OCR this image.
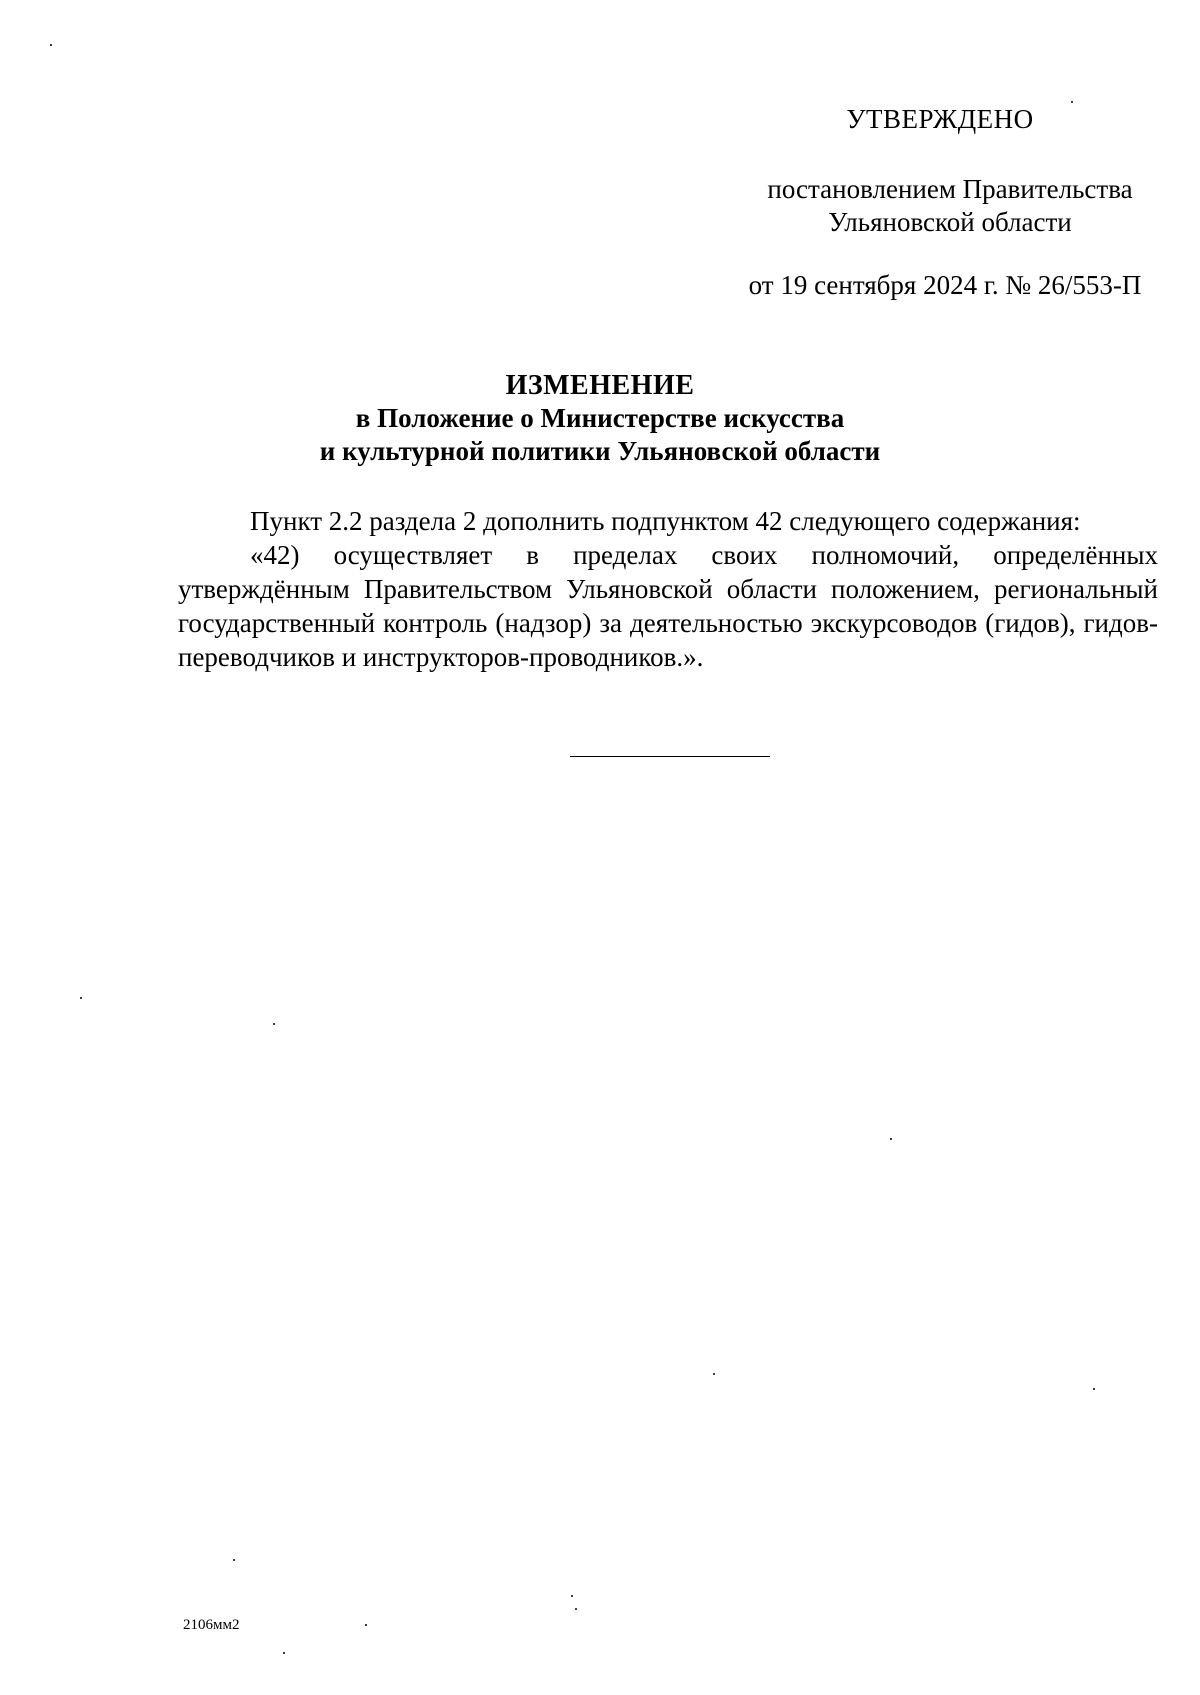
УТВЕРЖДЕНО
постановлением Правительства
Ульяновской области
от 19 сентября 2024 г. № 26/553-П
ИЗМЕНЕНИЕ
в Положение о Министерстве искусства
и культурной политики Ульяновской области

Пункт 2.2 раздела 2 дополнить подпунктом 42 следующего содержания:

«42) осуществляет в пределах своих полномочий, определённых утверждённым Правительством Ульяновской области положением, региональный государственный контроль (надзор) за деятельностью экскурсоводов (гидов), гидов-переводчиков и инструкторов-проводников.».

2106мм2
